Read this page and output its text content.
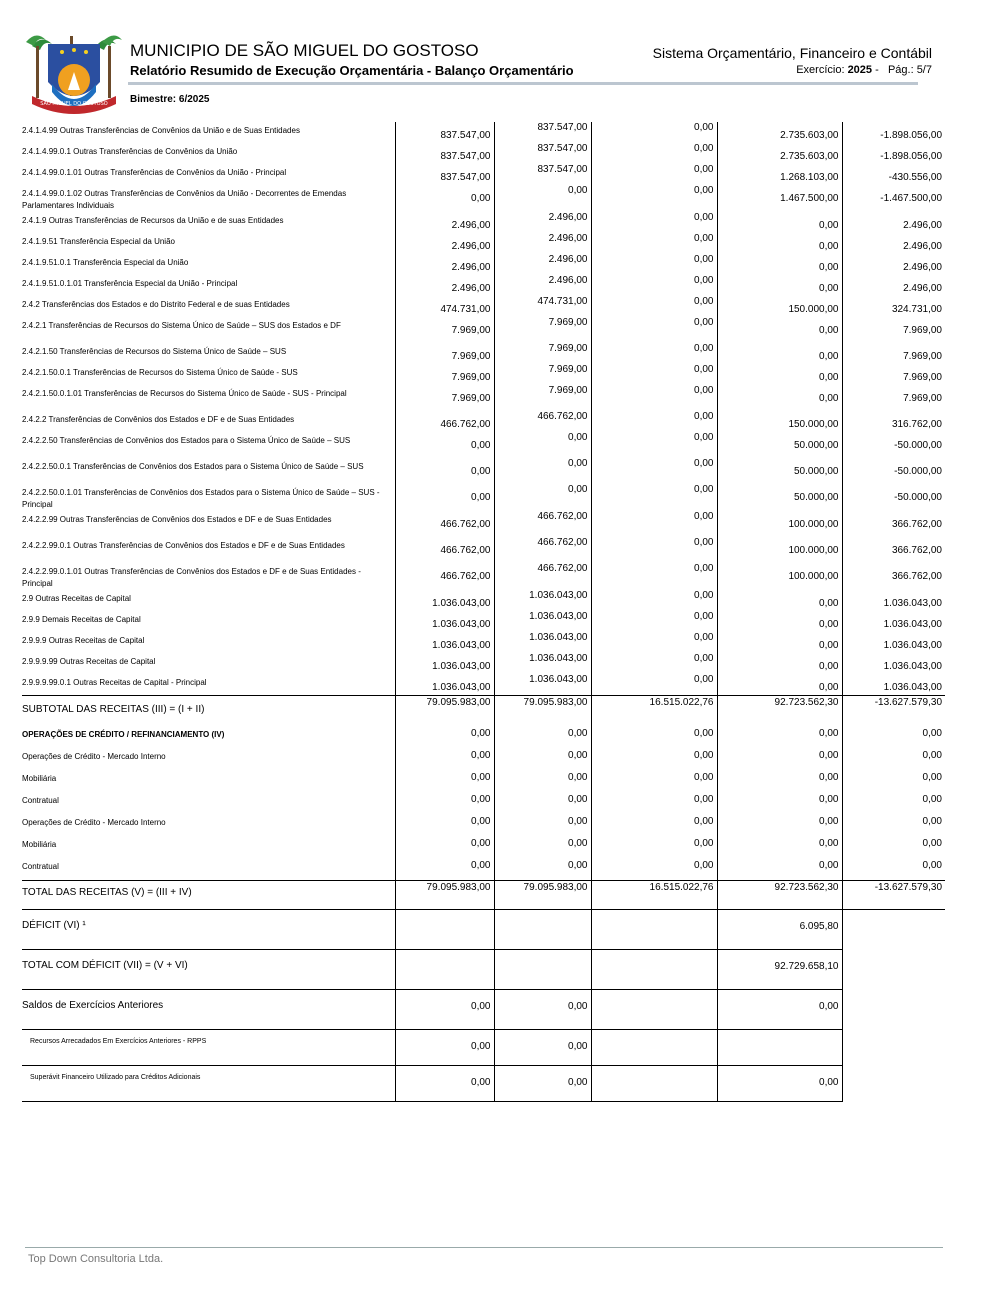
SÃO MIGUEL DO GOSTOSO
MUNICIPIO DE SÃO MIGUEL DO GOSTOSO
Relatório Resumido de Execução Orçamentária - Balanço Orçamentário
Sistema Orçamentário, Financeiro e Contábil
Exercício: 2025 -   Pág.: 5/7
Bimestre: 6/2025
2.4.1.4.99 Outras Transferências de Convênios da União e de Suas Entidades	837.547,00	837.547,00	0,00	2.735.603,00	-1.898.056,00

2.4.1.4.99.0.1 Outras Transferências de Convênios da União	837.547,00	837.547,00	0,00	2.735.603,00	-1.898.056,00

2.4.1.4.99.0.1.01 Outras Transferências de Convênios da União - Principal	837.547,00	837.547,00	0,00	1.268.103,00	-430.556,00

2.4.1.4.99.0.1.02 Outras Transferências de Convênios da União - Decorrentes de Emendas Parlamentares Individuais	0,00	0,00	0,00	1.467.500,00	-1.467.500,00

2.4.1.9 Outras Transferências de Recursos da União e de suas Entidades	2.496,00	2.496,00	0,00	0,00	2.496,00

2.4.1.9.51 Transferência Especial da União	2.496,00	2.496,00	0,00	0,00	2.496,00

2.4.1.9.51.0.1 Transferência Especial da União	2.496,00	2.496,00	0,00	0,00	2.496,00

2.4.1.9.51.0.1.01 Transferência Especial da União - Principal	2.496,00	2.496,00	0,00	0,00	2.496,00

2.4.2 Transferências dos Estados e do Distrito Federal e de suas Entidades	474.731,00	474.731,00	0,00	150.000,00	324.731,00

2.4.2.1 Transferências de Recursos do Sistema Único de Saúde – SUS dos Estados e DF	7.969,00	7.969,00	0,00	0,00	7.969,00

2.4.2.1.50 Transferências de Recursos do Sistema Único de Saúde – SUS	7.969,00	7.969,00	0,00	0,00	7.969,00

2.4.2.1.50.0.1 Transferências de Recursos do Sistema Único de Saúde - SUS	7.969,00	7.969,00	0,00	0,00	7.969,00

2.4.2.1.50.0.1.01 Transferências de Recursos do Sistema Único de Saúde - SUS - Principal	7.969,00	7.969,00	0,00	0,00	7.969,00

2.4.2.2 Transferências de Convênios dos Estados e DF e de Suas Entidades	466.762,00	466.762,00	0,00	150.000,00	316.762,00

2.4.2.2.50 Transferências de Convênios dos Estados para o Sistema Único de Saúde – SUS	0,00	0,00	0,00	50.000,00	-50.000,00

2.4.2.2.50.0.1 Transferências de Convênios dos Estados para o Sistema Único de Saúde – SUS	0,00	0,00	0,00	50.000,00	-50.000,00

2.4.2.2.50.0.1.01 Transferências de Convênios dos Estados para o Sistema Único de Saúde – SUS - Principal	0,00	0,00	0,00	50.000,00	-50.000,00

2.4.2.2.99 Outras Transferências de Convênios dos Estados e DF e de Suas Entidades	466.762,00	466.762,00	0,00	100.000,00	366.762,00

2.4.2.2.99.0.1 Outras Transferências de Convênios dos Estados e DF e de Suas Entidades	466.762,00	466.762,00	0,00	100.000,00	366.762,00

2.4.2.2.99.0.1.01 Outras Transferências de Convênios dos Estados e DF e de Suas Entidades - Principal	466.762,00	466.762,00	0,00	100.000,00	366.762,00

2.9 Outras Receitas de Capital	1.036.043,00	1.036.043,00	0,00	0,00	1.036.043,00

2.9.9 Demais Receitas de Capital	1.036.043,00	1.036.043,00	0,00	0,00	1.036.043,00

2.9.9.9 Outras Receitas de Capital	1.036.043,00	1.036.043,00	0,00	0,00	1.036.043,00

2.9.9.9.99 Outras Receitas de Capital	1.036.043,00	1.036.043,00	0,00	0,00	1.036.043,00

2.9.9.9.99.0.1 Outras Receitas de Capital - Principal	1.036.043,00	1.036.043,00	0,00	0,00	1.036.043,00

SUBTOTAL DAS RECEITAS (III) = (I + II)	79.095.983,00	79.095.983,00	16.515.022,76	92.723.562,30	-13.627.579,30

OPERAÇÕES DE CRÉDITO / REFINANCIAMENTO (IV)	0,00	0,00	0,00	0,00	0,00

Operações de Crédito - Mercado Interno	0,00	0,00	0,00	0,00	0,00

Mobiliária	0,00	0,00	0,00	0,00	0,00

Contratual	0,00	0,00	0,00	0,00	0,00

Operações de Crédito - Mercado Interno	0,00	0,00	0,00	0,00	0,00

Mobiliária	0,00	0,00	0,00	0,00	0,00

Contratual	0,00	0,00	0,00	0,00	0,00

TOTAL DAS RECEITAS (V) = (III + IV)	79.095.983,00	79.095.983,00	16.515.022,76	92.723.562,30	-13.627.579,30

DÉFICIT (VI) ¹				6.095,80	

TOTAL COM DÉFICIT (VII) = (V + VI)				92.729.658,10	

Saldos de Exercícios Anteriores	0,00	0,00		0,00	

Recursos Arrecadados Em Exercícios Anteriores - RPPS	0,00	0,00			

Superávit Financeiro Utilizado para Créditos Adicionais	0,00	0,00		0,00	

Top Down Consultoria Ltda.
